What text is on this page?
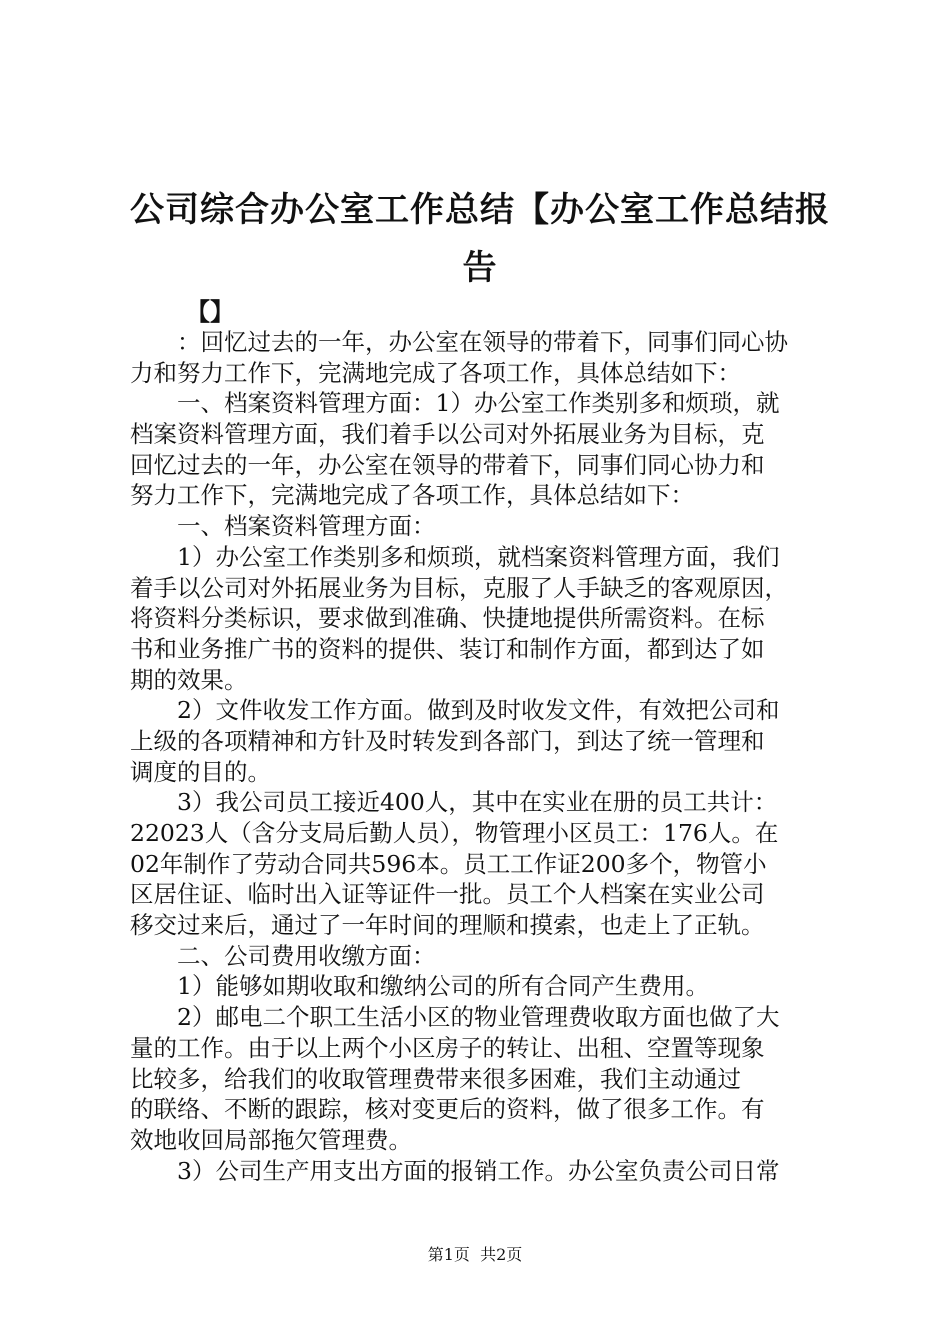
公司综合办公室工作总结【办公室工作总结报
告
【】
：回忆过去的一年，办公室在领导的带着下，同事们同心协
力和努力工作下，完满地完成了各项工作，具体总结如下：
一、档案资料管理方面：1）办公室工作类别多和烦琐，就
档案资料管理方面，我们着手以公司对外拓展业务为目标，克
回忆过去的一年，办公室在领导的带着下，同事们同心协力和
努力工作下，完满地完成了各项工作，具体总结如下：
一、档案资料管理方面：
1）办公室工作类别多和烦琐，就档案资料管理方面，我们
着手以公司对外拓展业务为目标，克服了人手缺乏的客观原因，
将资料分类标识，要求做到准确、快捷地提供所需资料。在标
书和业务推广书的资料的提供、装订和制作方面，都到达了如
期的效果。
2）文件收发工作方面。做到及时收发文件，有效把公司和
上级的各项精神和方针及时转发到各部门，到达了统一管理和
调度的目的。
3）我公司员工接近400人，其中在实业在册的员工共计：
22023人（含分支局后勤人员），物管理小区员工：176人。在
02年制作了劳动合同共596本。员工工作证200多个，物管小
区居住证、临时出入证等证件一批。员工个人档案在实业公司
移交过来后，通过了一年时间的理顺和摸索，也走上了正轨。
二、公司费用收缴方面：
1）能够如期收取和缴纳公司的所有合同产生费用。
2）邮电二个职工生活小区的物业管理费收取方面也做了大
量的工作。由于以上两个小区房子的转让、出租、空置等现象
比较多，给我们的收取管理费带来很多困难，我们主动通过
的联络、不断的跟踪，核对变更后的资料，做了很多工作。有
效地收回局部拖欠管理费。
3）公司生产用支出方面的报销工作。办公室负责公司日常
第1页  共2页
